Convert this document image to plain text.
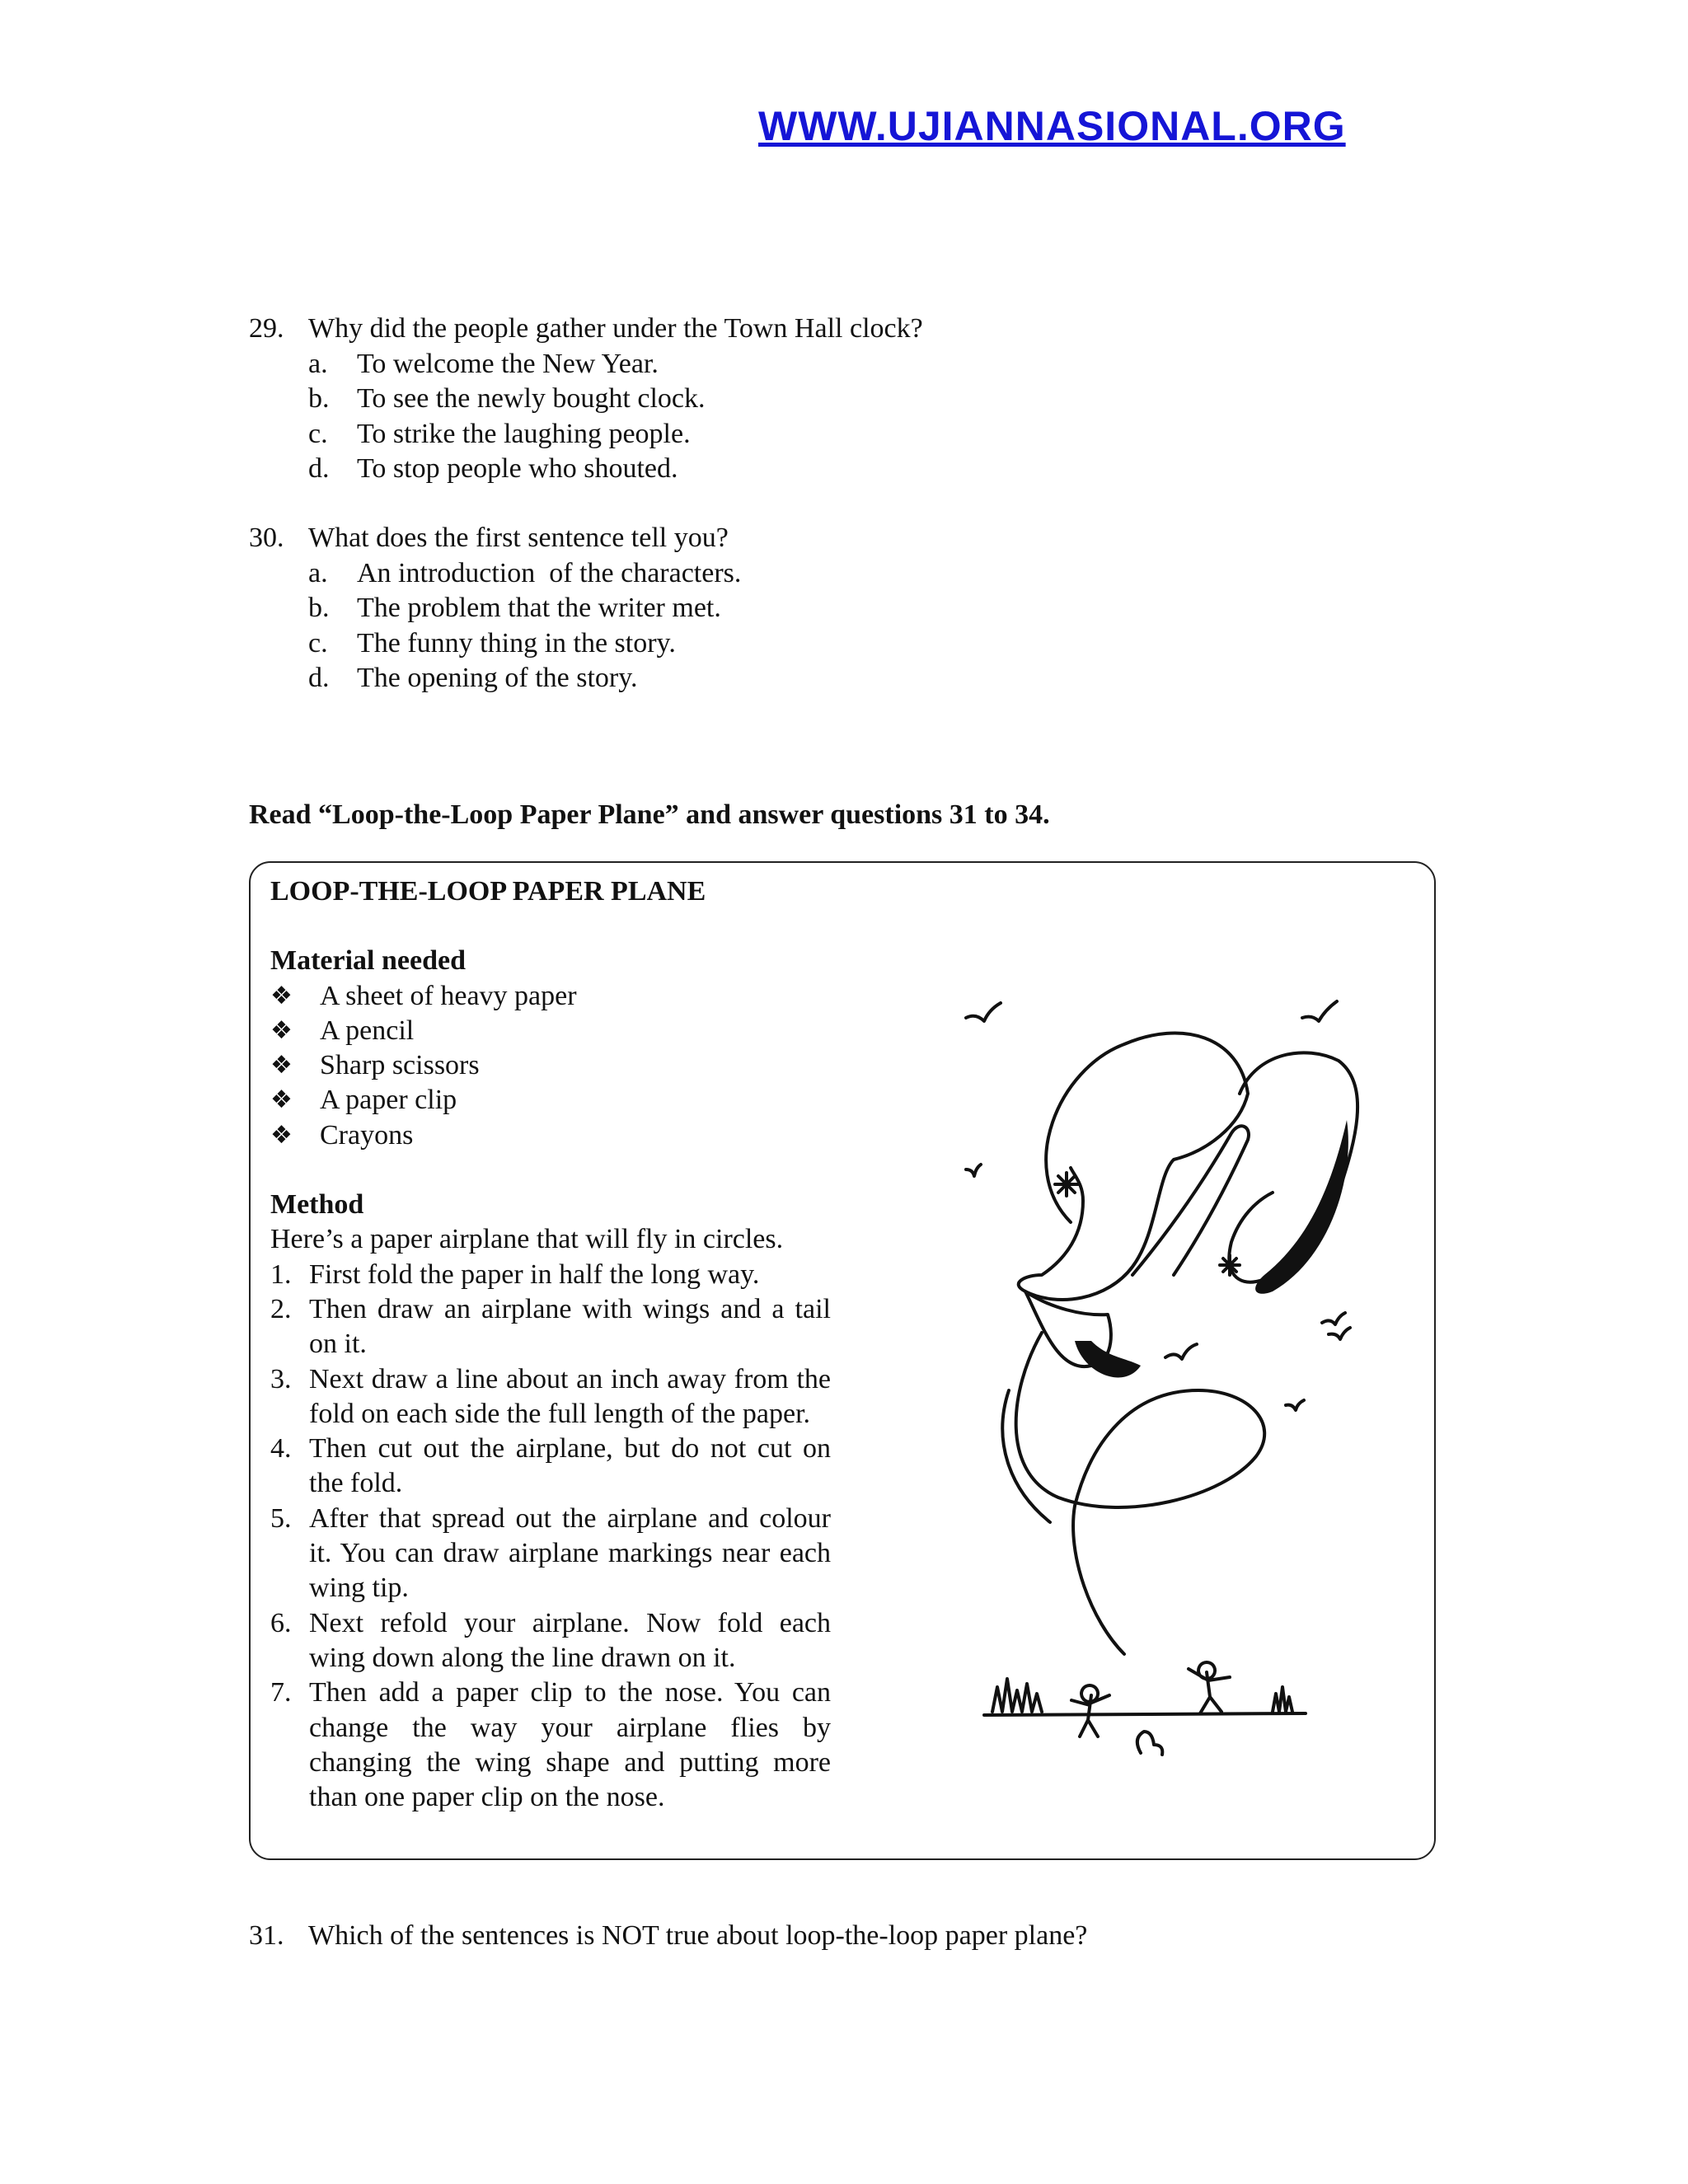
WWW.UJIANNASIONAL.ORG
29. Why did the people gather under the Town Hall clock?
a.	To welcome the New Year.
b. To see the newly bought clock.
c.	To strike the laughing people.
d. To stop people who shouted.
30. What does the first sentence tell you?
a.	An introduction  of the characters.
b. The problem that the writer met.
c.	The funny thing in the story.
d. The opening of the story.
Read “Loop-the-Loop Paper Plane” and answer questions 31 to 34.
LOOP-THE-LOOP PAPER PLANE
Material needed
❖ A sheet of heavy paper
❖ A pencil
❖ Sharp scissors
❖ A paper clip
❖ Crayons
Method
Here’s a paper airplane that will fly in circles.
1. First fold the paper in half the long way.
2. Then draw an airplane with wings and a tail on it.
3. Next draw a line about an inch away from the fold on each side the full length of the paper.
4. Then cut out the airplane, but do not cut on the fold.
5. After that spread out the airplane and colour it. You can draw airplane markings near each wing tip.
6. Next refold your airplane. Now fold each wing down along the line drawn on it.
7. Then add a paper clip to the nose. You can change the way your airplane flies by changing the wing shape and putting more than one paper clip on the nose.
31. Which of the sentences is NOT true about loop-the-loop paper plane?
